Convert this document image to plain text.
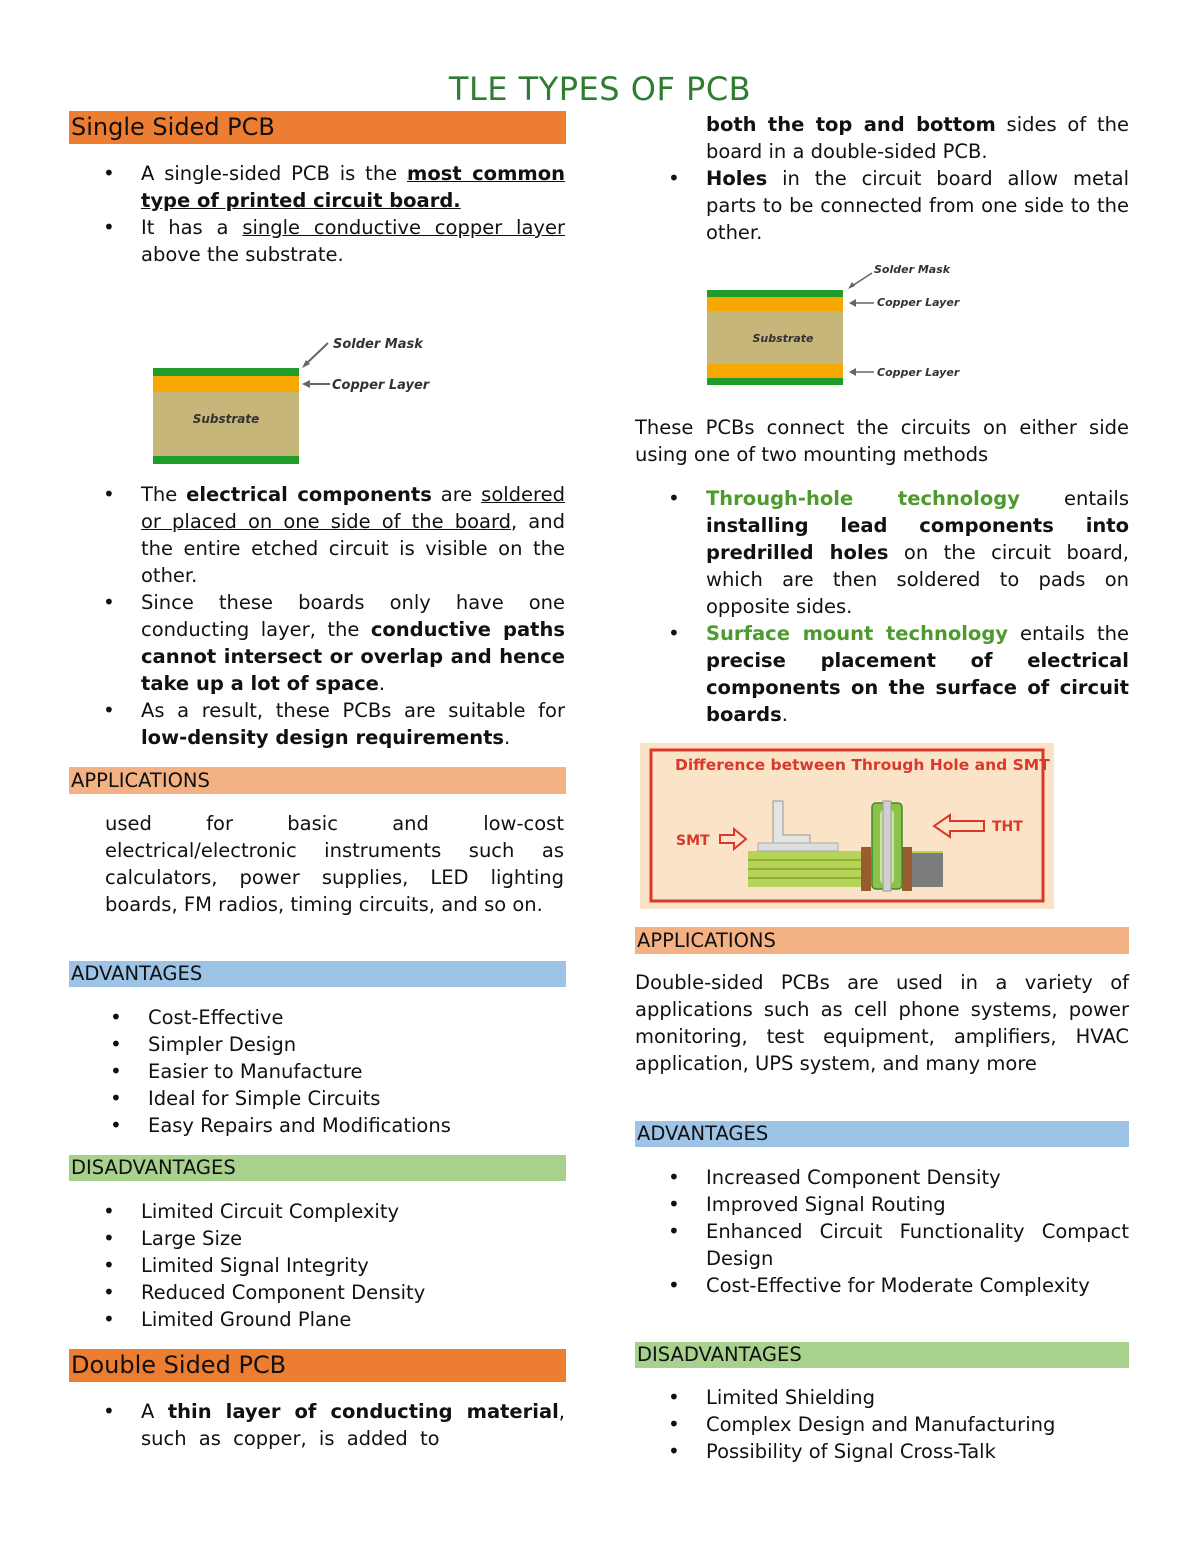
TLE TYPES OF PCB
Single Sided PCB
• A single-sided PCB is the most common type of printed circuit board.
• It has a single conductive copper layer above the substrate.
Substrate
Solder Mask
Copper Layer
• The electrical components are soldered or placed on one side of the board, and the entire etched circuit is visible on the other.
• Since these boards only have one conducting layer, the conductive paths cannot intersect or overlap and hence take up a lot of space.
• As a result, these PCBs are suitable for low-density design requirements.
APPLICATIONS
used for basic and low-cost electrical/electronic instruments such as calculators, power supplies, LED lighting boards, FM radios, timing circuits, and so on.
ADVANTAGES
• Cost-Effective
• Simpler Design
• Easier to Manufacture
• Ideal for Simple Circuits
• Easy Repairs and Modifications
DISADVANTAGES
• Limited Circuit Complexity
• Large Size
• Limited Signal Integrity
• Reduced Component Density
• Limited Ground Plane
Double Sided PCB
• A thin layer of conducting material, such as copper, is added to
both the top and bottom sides of the board in a double-sided PCB.
• Holes in the circuit board allow metal parts to be connected from one side to the other.
Substrate
Solder Mask
Copper Layer
Copper Layer
These PCBs connect the circuits on either side using one of two mounting methods
• Through-hole technology entails installing lead components into predrilled holes on the circuit board, which are then soldered to pads on opposite sides.
• Surface mount technology entails the precise placement of electrical components on the surface of circuit boards.
Difference between Through Hole and SMT
SMT
THT
APPLICATIONS
Double-sided PCBs are used in a variety of applications such as cell phone systems, power monitoring, test equipment, amplifiers, HVAC application, UPS system, and many more
ADVANTAGES
• Increased Component Density
• Improved Signal Routing
• Enhanced Circuit Functionality Compact Design
• Cost-Effective for Moderate Complexity
DISADVANTAGES
• Limited Shielding
• Complex Design and Manufacturing
• Possibility of Signal Cross-Talk
